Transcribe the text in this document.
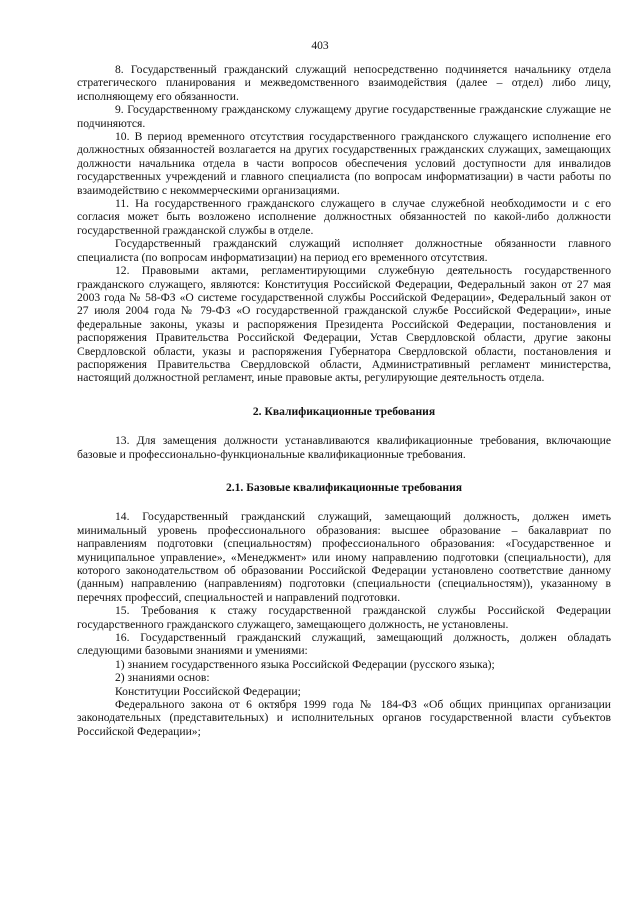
403

8. Государственный гражданский служащий непосредственно подчиняется начальнику отдела стратегического планирования и межведомственного взаимодействия (далее – отдел) либо лицу, исполняющему его обязанности.

9. Государственному гражданскому служащему другие государственные гражданские служащие не подчиняются.

10. В период временного отсутствия государственного гражданского служащего исполнение его должностных обязанностей возлагается на других государственных гражданских служащих, замещающих должности начальника отдела в части вопросов обеспечения условий доступности для инвалидов государственных учреждений и главного специалиста (по вопросам информатизации) в части работы по взаимодействию с некоммерческими организациями.

11. На государственного гражданского служащего в случае служебной необходимости и с его согласия может быть возложено исполнение должностных обязанностей по какой-либо должности государственной гражданской службы в отделе.

Государственный гражданский служащий исполняет должностные обязанности главного специалиста (по вопросам информатизации) на период его временного отсутствия.

12. Правовыми актами, регламентирующими служебную деятельность государственного гражданского служащего, являются: Конституция Российской Федерации, Федеральный закон от 27 мая 2003 года № 58-ФЗ «О системе государственной службы Российской Федерации», Федеральный закон от 27 июля 2004 года № 79-ФЗ «О государственной гражданской службе Российской Федерации», иные федеральные законы, указы и распоряжения Президента Российской Федерации, постановления и распоряжения Правительства Российской Федерации, Устав Свердловской области, другие законы Свердловской области, указы и распоряжения Губернатора Свердловской области, постановления и распоряжения Правительства Свердловской области, Административный регламент министерства, настоящий должностной регламент, иные правовые акты, регулирующие деятельность отдела.

2. Квалификационные требования

13. Для замещения должности устанавливаются квалификационные требования, включающие базовые и профессионально-функциональные квалификационные требования.

2.1. Базовые квалификационные требования

14. Государственный гражданский служащий, замещающий должность, должен иметь минимальный уровень профессионального образования: высшее образование – бакалавриат по направлениям подготовки (специальностям) профессионального образования: «Государственное и муниципальное управление», «Менеджмент» или иному направлению подготовки (специальности), для которого законодательством об образовании Российской Федерации установлено соответствие данному (данным) направлению (направлениям) подготовки (специальности (специальностям)), указанному в перечнях профессий, специальностей и направлений подготовки.

15. Требования к стажу государственной гражданской службы Российской Федерации государственного гражданского служащего, замещающего должность, не установлены.

16. Государственный гражданский служащий, замещающий должность, должен обладать следующими базовыми знаниями и умениями:

1) знанием государственного языка Российской Федерации (русского языка);

2) знаниями основ:

Конституции Российской Федерации;

Федерального закона от 6 октября 1999 года № 184-ФЗ «Об общих принципах организации законодательных (представительных) и исполнительных органов государственной власти субъектов Российской Федерации»;
